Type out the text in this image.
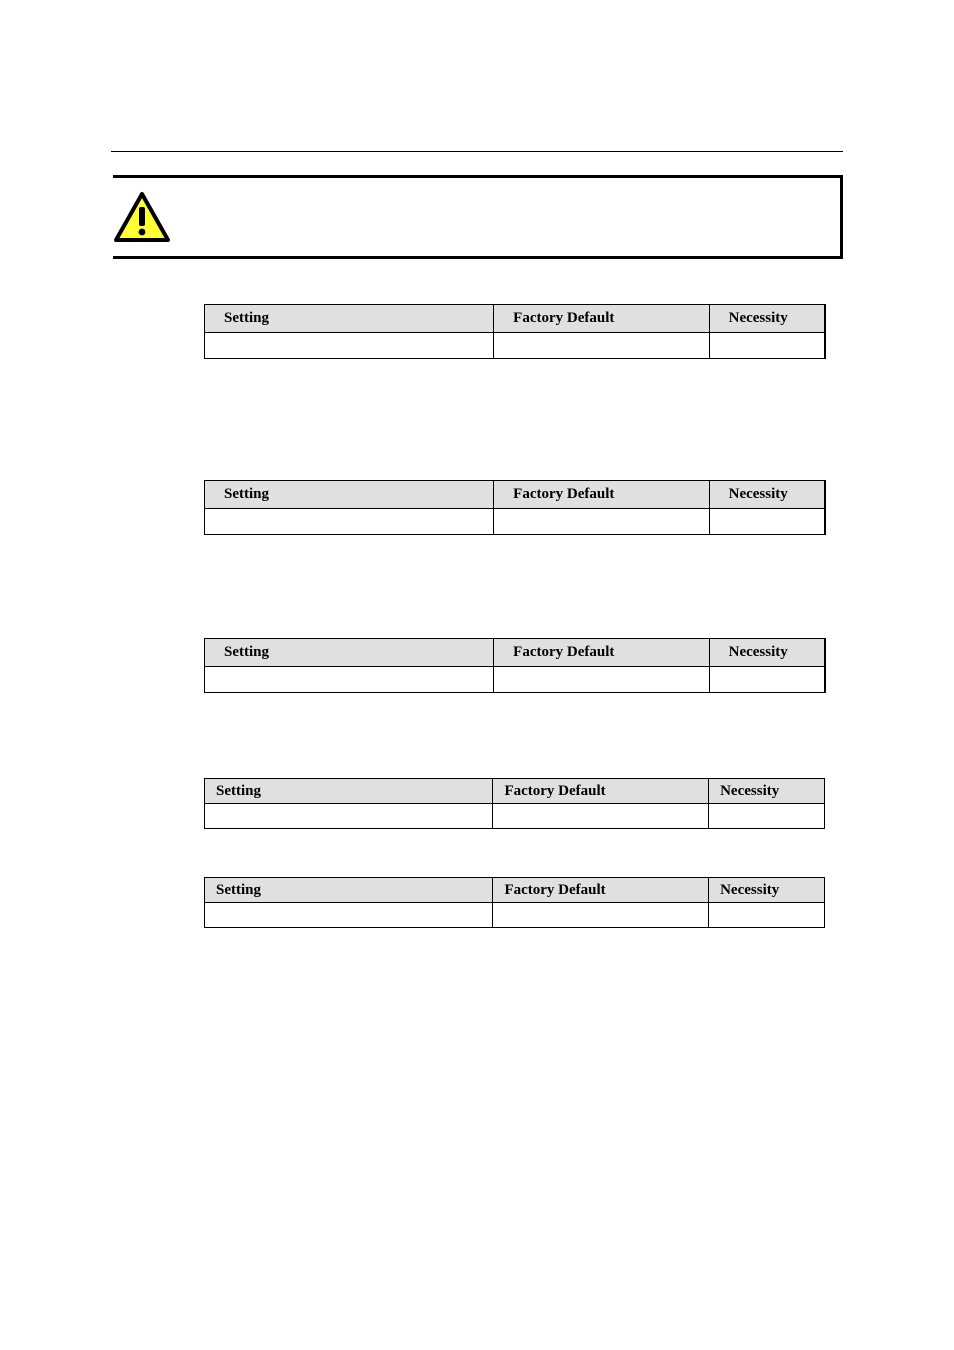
Setting	Factory Default	Necessity

Setting	Factory Default	Necessity

Setting	Factory Default	Necessity

Setting	Factory Default	Necessity

Setting	Factory Default	Necessity
